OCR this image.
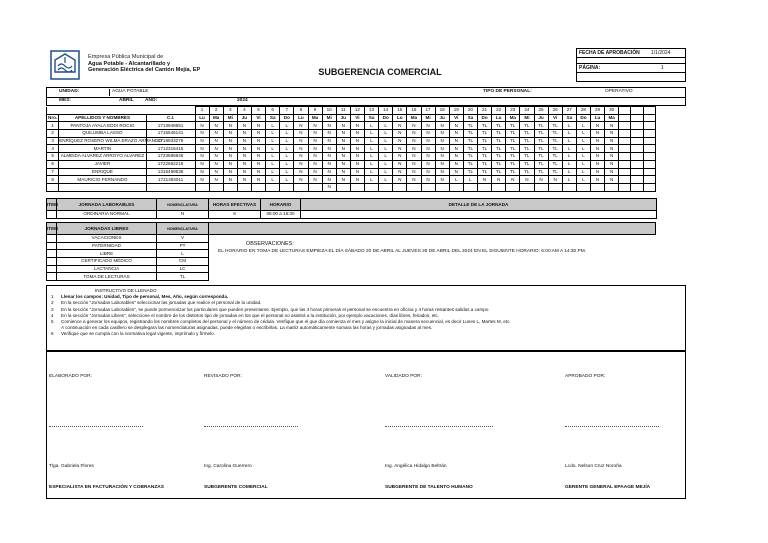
Empresa Pública Municipal de
Agua Potable - Alcantarillado y
Generación Eléctrica del Cantón Mejía, EP	SUBGERENCIA COMERCIAL
FECHA DE APROBACIÓN 1/1/2024
PÁGINA:	1
UNIDAD:	AGUA POTABLE	TIPO DE PERSONAL:	OPERATIVO
MES:	ABRIL AÑO:	2024
			1	2	3	4	5	6	7	8	9	10	11	12	13	14	15	16	17	18	19	20	21	22	23	24	25	26	27	28	29	30			
Nro.	APELLIDOS Y NOMBRES	C.I.	Lu	Ma	Mi	Ju	Vi	Sa	Do	Lu	Ma	Mi	Ju	Vi	Sa	Do	Lu	Ma	Mi	Ju	Vi	Sa	Do	Lu	Ma	Mi	Ju	Vi	Sa	Do	Lu	Ma			
1	PANTOJA AYALA EDDI ROCIO	1713948651	N	N	N	N	N	L	L	N	N	N	N	N	L	L	N	N	N	N	N	TL	TL	TL	TL	TL	TL	TL	L	L	N	N			
2	QUILUMBA LASSO	1715546141	N	N	N	N	N	L	L	N	N	N	N	N	L	L	N	N	N	N	N	TL	TL	TL	TL	TL	TL	TL	L	L	N	N			
3	ENRÍQUEZ ROSERO WILMA ERAZO ARMANDO	1718933276	N	N	N	N	N	L	L	N	N	N	N	N	L	L	N	N	N	N	N	TL	TL	TL	TL	TL	TL	TL	L	L	N	N			
4	MARTIN	1712316415	N	N	N	N	N	L	L	N	N	N	N	N	L	L	N	N	N	N	N	TL	TL	TL	TL	TL	TL	TL	L	L	N	N			
5	ALMEIDA ALVAREZ ARROYO ALVAREZ	1723586846	N	N	N	N	N	L	L	N	N	N	N	N	L	L	N	N	N	N	N	TL	TL	TL	TL	TL	TL	TL	L	L	N	N			
6	JAVIER	1722662218	N	N	N	N	N	L	L	N	N	N	N	N	L	L	N	N	N	N	N	TL	TL	TL	TL	TL	TL	TL	L	L	N	N			
7	ENRIQUE	1315498636	N	N	N	N	N	L	L	N	N	N	N	N	L	L	N	N	N	N	N	TL	TL	TL	TL	TL	TL	TL	L	L	N	N			
8	MAURICIO FERNANDO	1721493011	N	N	N	N	N	L	L	N	N	N	N	N	L	L	N	N	N	N	L	L	N	N	N	N	N	N	L	L	N	N			
												N																							
ITEM	JORNADA LABORABLES	NOMENCLATURA	HORAS EFECTIVAS	HORARIO	DETALLE DE LA JORNADA
	ORDINARIA NORMAL	N	8	08:00 a 16:30	
ITEM	JORNADAS LIBRES	NOMENCLATURA
	VACACIONES	V
	PATERNIDAD	PT
	LIBRE	L
	CERTIFICADO MÉDICO	CM
	LACTANCIA	LC
	TOMA DE LECTURAS	TL
OBSERVACIONES:
EL HORARIO EN TOMA DE LECTURAS EMPIEZA EL DÍA SÁBADO 20 DE ABRIL AL JUEVES 26 DE ABRIL DEL 2024 EN EL SIGUIENTE HORARIO: 6:00 AM A 14:30 PM.
INSTRUCTIVO DE LLENADO
1 Llenar los campos: Unidad, Tipo de personal, Mes, Año, según corresponda.
2 En la sección "Jornadas Laborables" seleccionar las jornadas que realice el personal de la unidad.
3 En la sección "Jornadas Laborables", se puede pormenorizar los particulares que pueden presentarse. Ejemplo, que las 4 horas primeras el personal se encuentra en oficina y 4 horas restantes salidas a campo
4 En la sección "Jornadas Libres", seleccione el nombre de los distintos tipo de jornadas en los que el personal no asistirá a la institución, por ejemplo vacaciones, días libres, feriados, etc.
5 Comience a generar los equipos, registrando los nombres completos del personal y el número de cédula. Verifique que el que día comienza el mes y asigne la inicial de manera secuencial, es decir Lunes L, Martes M, etc.
A continuación en cada casillero se desplegara las nomenclaturas asignadas, puede elegirlas o escribirlas. La matriz automáticamente sumara las horas y jornadas asignadas al mes.
6 Verifique que se cumpla con la normativa legal vigente, imprímalo y fírmelo.
ELABORADO POR:	REVISADO POR:	VALIDADO POR:	APROBADO POR:
Tlga. Gabriela Flores	Ing. Carolina Guerrero	Ing. Angélica Hidalgo Beltrán	Lcdo. Nelson Cruz Noroña
ESPECIALISTA EN FACTURACIÓN Y COBRANZAS	SUBGERENTE COMERCIAL	SUBGERENTE DE TALENTO HUMANO	GERENTE GENERAL EPAAGE MEJÍA
